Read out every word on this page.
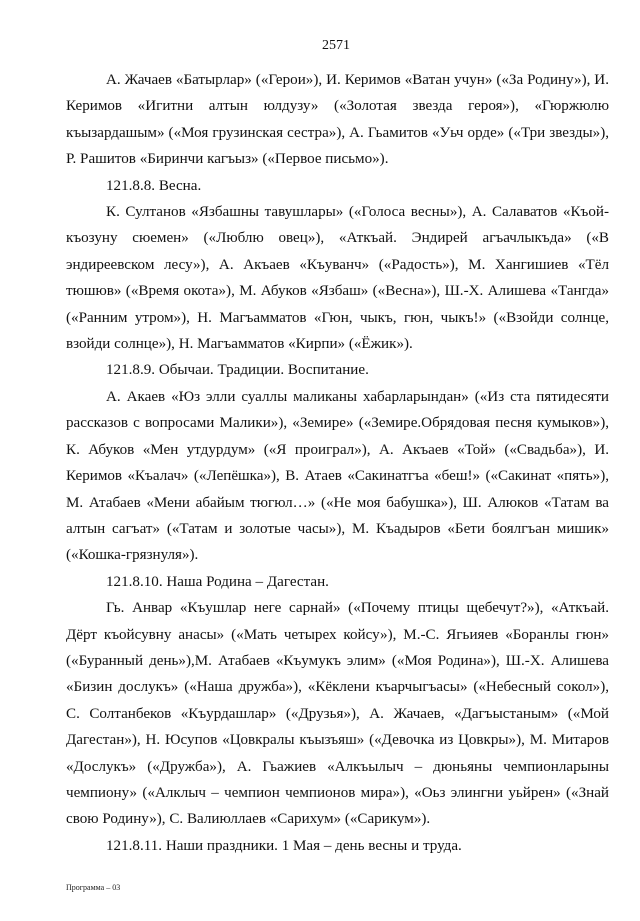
2571

А. Жачаев «Батырлар» («Герои»), И. Керимов «Ватан учун» («За Родину»), И. Керимов «Игитни алтын юлдузу» («Золотая звезда героя»), «Гюржюлю къызардашым» («Моя грузинская сестра»), А. Гьамитов «Уьч орде» («Три звезды»), Р. Рашитов «Биринчи кагъыз» («Первое письмо»).

121.8.8. Весна.

К. Султанов «Язбашны тавушлары» («Голоса весны»), А. Салаватов «Къой-къозуну сюемен» («Люблю овец»), «Аткъай. Эндирей агъачлыкъда» («В эндиреевском лесу»), А. Акъаев «Къуванч» («Радость»), М. Хангишиев «Тёл тюшюв» («Время окота»), М. Абуков «Язбаш» («Весна»), Ш.-Х. Алишева «Тангда» («Ранним утром»), Н. Магъамматов «Гюн, чыкъ, гюн, чыкъ!» («Взойди солнце, взойди солнце»), Н. Магъамматов «Кирпи» («Ёжик»).

121.8.9. Обычаи. Традиции. Воспитание.

А. Акаев «Юз элли суаллы маликаны хабарларындан» («Из ста пятидесяти рассказов с вопросами Малики»), «Земире» («Земире.Обрядовая песня кумыков»), К. Абуков «Мен утдурдум» («Я проиграл»), А. Акъаев «Той» («Свадьба»), И. Керимов «Къалач» («Лепёшка»), В. Атаев «Сакинатгъа «беш!» («Сакинат «пять»), М. Атабаев «Мени абайым тюгюл…» («Не моя бабушка»), Ш. Алюков «Татам ва алтын сагъат» («Татам и золотые часы»), М. Къадыров «Бети боялгъан мишик» («Кошка-грязнуля»).

121.8.10. Наша Родина – Дагестан.

Гь. Анвар «Къушлар неге сарнай» («Почему птицы щебечут?»), «Аткъай. Дёрт къойсувну анасы» («Мать четырех койсу»), М.-С. Ягьияев «Боранлы гюн» («Буранный день»),М. Атабаев «Къумукъ элим» («Моя Родина»), Ш.-Х. Алишева «Бизин дослукъ» («Наша дружба»), «Кёклени къарчыгъасы» («Небесный сокол»), С. Солтанбеков «Къурдашлар» («Друзья»), А. Жачаев, «Дагъыстаным» («Мой Дагестан»), Н. Юсупов «Цовкралы къызъяш» («Девочка из Цовкры»), М. Митаров «Дослукъ» («Дружба»), А. Гьажиев «Алкъылыч – дюньяны чемпионларыны чемпиону» («Алклыч – чемпион чемпионов мира»), «Оьз элингни уьйрен» («Знай свою Родину»), С. Валиюллаев «Сарихум» («Сарикум»).

121.8.11. Наши праздники. 1 Мая – день весны и труда.

Программа – 03
